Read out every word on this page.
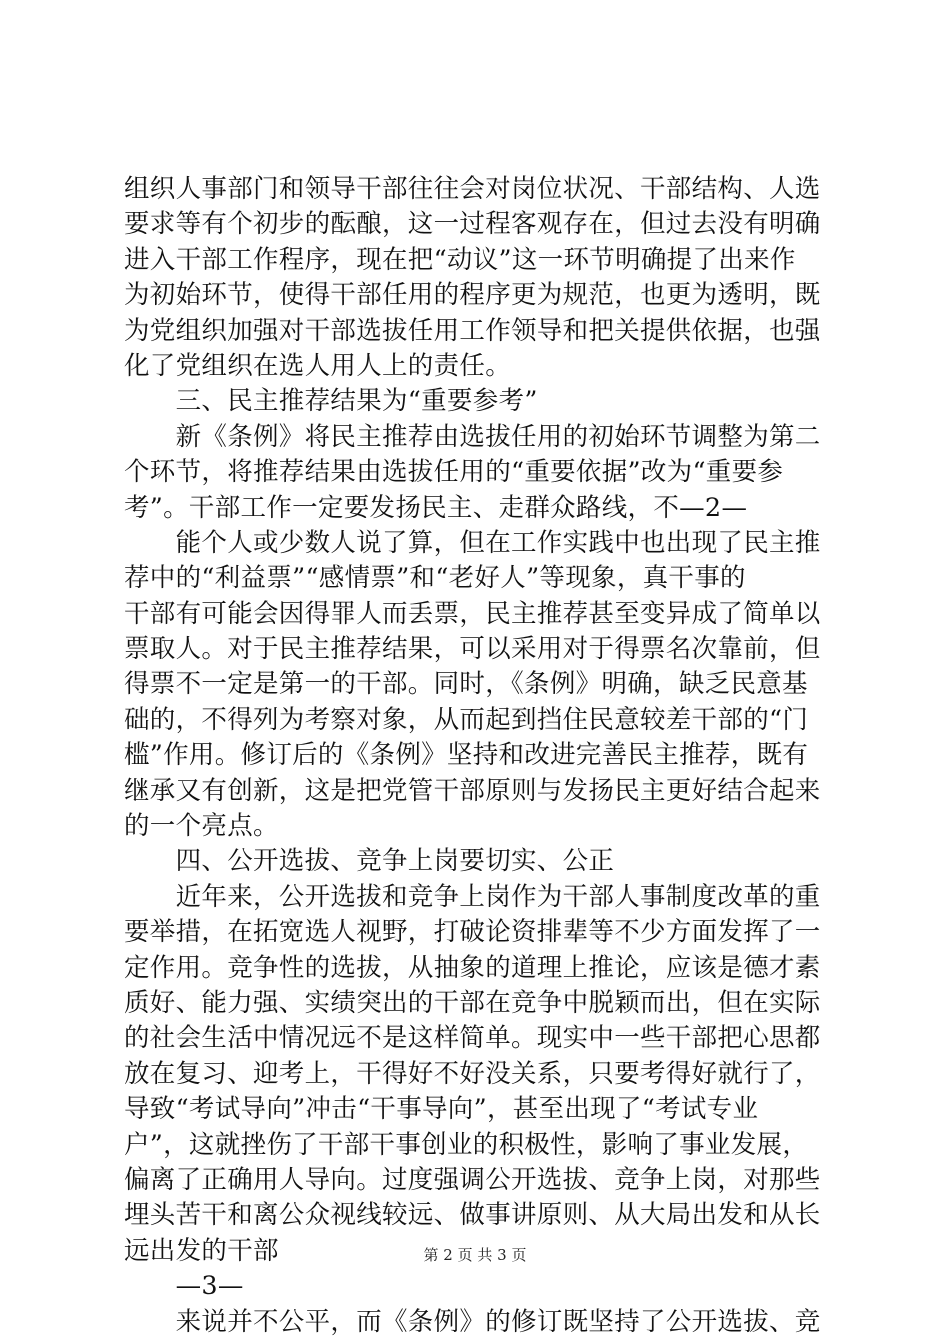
组织人事部门和领导干部往往会对岗位状况、干部结构、人选
要求等有个初步的酝酿，这一过程客观存在，但过去没有明确
进入干部工作程序，现在把“动议”这一环节明确提了出来作
为初始环节，使得干部任用的程序更为规范，也更为透明，既
为党组织加强对干部选拔任用工作领导和把关提供依据，也强
化了党组织在选人用人上的责任。
　　三、民主推荐结果为“重要参考”
　　新《条例》将民主推荐由选拔任用的初始环节调整为第二
个环节，将推荐结果由选拔任用的“重要依据”改为“重要参
考”。干部工作一定要发扬民主、走群众路线，不—2—
　　能个人或少数人说了算，但在工作实践中也出现了民主推
荐中的“利益票”“感情票”和“老好人”等现象，真干事的
干部有可能会因得罪人而丢票，民主推荐甚至变异成了简单以
票取人。对于民主推荐结果，可以采用对于得票名次靠前，但
得票不一定是第一的干部。同时，《条例》明确，缺乏民意基
础的，不得列为考察对象，从而起到挡住民意较差干部的“门
槛”作用。修订后的《条例》坚持和改进完善民主推荐，既有
继承又有创新，这是把党管干部原则与发扬民主更好结合起来
的一个亮点。
　　四、公开选拔、竞争上岗要切实、公正
　　近年来，公开选拔和竞争上岗作为干部人事制度改革的重
要举措，在拓宽选人视野，打破论资排辈等不少方面发挥了一
定作用。竞争性的选拔，从抽象的道理上推论，应该是德才素
质好、能力强、实绩突出的干部在竞争中脱颖而出，但在实际
的社会生活中情况远不是这样简单。现实中一些干部把心思都
放在复习、迎考上，干得好不好没关系，只要考得好就行了，
导致“考试导向”冲击“干事导向”，甚至出现了“考试专业
户”，这就挫伤了干部干事创业的积极性，影响了事业发展，
偏离了正确用人导向。过度强调公开选拔、竞争上岗，对那些
埋头苦干和离公众视线较远、做事讲原则、从大局出发和从长
远出发的干部
　　—3—
　　来说并不公平，而《条例》的修订既坚持了公开选拔、竞
第 2 页 共 3 页
